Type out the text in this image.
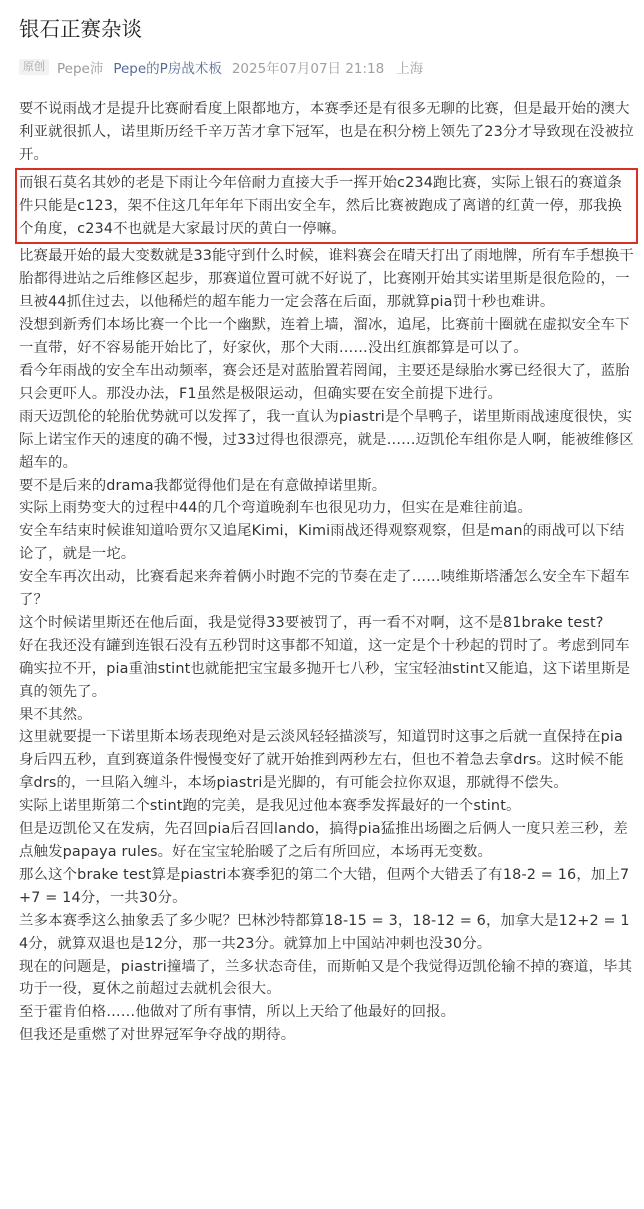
银石正赛杂谈
原创 Pepe沛 Pepe的P房战术板 2025年07月07日 21:18 上海

要不说雨战才是提升比赛耐看度上限都地方，本赛季还是有很多无聊的比赛，但是最开始的澳大利亚就很抓人，诺里斯历经千辛万苦才拿下冠军，也是在积分榜上领先了23分才导致现在没被拉开。

而银石莫名其妙的老是下雨让今年倍耐力直接大手一挥开始c234跑比赛，实际上银石的赛道条件只能是c123，架不住这几年年年下雨出安全车，然后比赛被跑成了离谱的红黄一停，那我换个角度，c234不也就是大家最讨厌的黄白一停嘛。

比赛最开始的最大变数就是33能守到什么时候，谁料赛会在晴天打出了雨地牌，所有车手想换干胎都得进站之后维修区起步，那赛道位置可就不好说了，比赛刚开始其实诺里斯是很危险的，一旦被44抓住过去，以他稀烂的超车能力一定会落在后面，那就算pia罚十秒也难讲。

没想到新秀们本场比赛一个比一个幽默，连着上墙，溜冰，追尾，比赛前十圈就在虚拟安全车下一直带，好不容易能开始比了，好家伙，那个大雨……没出红旗都算是可以了。

看今年雨战的安全车出动频率，赛会还是对蓝胎置若罔闻，主要还是绿胎水雾已经很大了，蓝胎只会更吓人。那没办法，F1虽然是极限运动，但确实要在安全前提下进行。

雨天迈凯伦的轮胎优势就可以发挥了，我一直认为piastri是个旱鸭子，诺里斯雨战速度很快，实际上诺宝作天的速度的确不慢，过33过得也很漂亮，就是……迈凯伦车组你是人啊，能被维修区超车的。

要不是后来的drama我都觉得他们是在有意做掉诺里斯。

实际上雨势变大的过程中44的几个弯道晚刹车也很见功力，但实在是难往前追。

安全车结束时候谁知道哈贾尔又追尾Kimi，Kimi雨战还得观察观察，但是man的雨战可以下结论了，就是一坨。

安全车再次出动，比赛看起来奔着俩小时跑不完的节奏在走了……咦维斯塔潘怎么安全车下超车了？

这个时候诺里斯还在他后面，我是觉得33要被罚了，再一看不对啊，这不是81brake test?

好在我还没有罐到连银石没有五秒罚时这事都不知道，这一定是个十秒起的罚时了。考虑到同车确实拉不开，pia重油stint也就能把宝宝最多抛开七八秒，宝宝轻油stint又能追，这下诺里斯是真的领先了。

果不其然。

这里就要提一下诺里斯本场表现绝对是云淡风轻轻描淡写，知道罚时这事之后就一直保持在pia身后四五秒，直到赛道条件慢慢变好了就开始推到两秒左右，但也不着急去拿drs。这时候不能拿drs的，一旦陷入缠斗，本场piastri是光脚的，有可能会拉你双退，那就得不偿失。

实际上诺里斯第二个stint跑的完美，是我见过他本赛季发挥最好的一个stint。

但是迈凯伦又在发病，先召回pia后召回lando，搞得pia猛推出场圈之后俩人一度只差三秒，差点触发papaya rules。好在宝宝轮胎暖了之后有所回应，本场再无变数。

那么这个brake test算是piastri本赛季犯的第二个大错，但两个大错丢了有18-2 = 16，加上7+7 = 14分，一共30分。

兰多本赛季这么抽象丢了多少呢？巴林沙特都算18-15 = 3，18-12 = 6，加拿大是12+2 = 14分，就算双退也是12分，那一共23分。就算加上中国站冲刺也没30分。

现在的问题是，piastri撞墙了，兰多状态奇佳，而斯帕又是个我觉得迈凯伦输不掉的赛道，毕其功于一役，夏休之前超过去就机会很大。

至于霍肯伯格……他做对了所有事情，所以上天给了他最好的回报。

但我还是重燃了对世界冠军争夺战的期待。
